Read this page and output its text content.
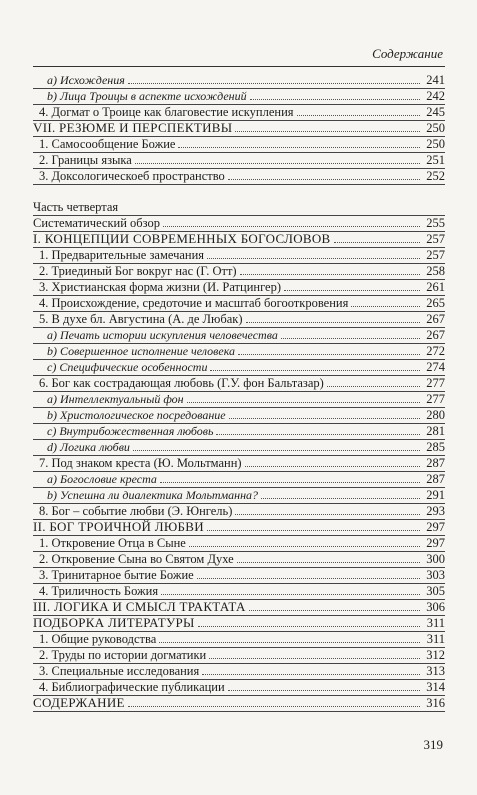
Содержание
a) Исхождения	241
b) Лица Троицы в аспекте исхождений	242
4. Догмат о Троице как благовестие искупления	245
VII. РЕЗЮМЕ И ПЕРСПЕКТИВЫ	250
1. Самосообщение Божие	250
2. Границы языка	251
3. Доксологическоеб пространство	252
Часть четвертая
Систематический обзор	255
I. КОНЦЕПЦИИ СОВРЕМЕННЫХ БОГОСЛОВОВ	257
1. Предварительные замечания	257
2. Триединый Бог вокруг нас (Г. Отт)	258
3. Христианская форма жизни (И. Ратцингер)	261
4. Происхождение, средоточие и масштаб богооткровения	265
5. В духе бл. Августина (А. де Любак)	267
a) Печать истории искупления человечества	267
b) Совершенное исполнение человека	272
c) Специфические особенности	274
6. Бог как сострадающая любовь (Г.У. фон Бальтазар)	277
a) Интеллектуальный фон	277
b) Христологическое посредование	280
c) Внутрибожественная любовь	281
d) Логика любви	285
7. Под знаком креста (Ю. Мольтманн)	287
a) Богословие креста	287
b) Успешна ли диалектика Мольтманна?	291
8. Бог – событие любви (Э. Юнгель)	293
II. БОГ ТРОИЧНОЙ ЛЮБВИ	297
1. Откровение Отца в Сыне	297
2. Откровение Сына во Святом Духе	300
3. Тринитарное бытие Божие	303
4. Триличность Божия	305
III. ЛОГИКА И СМЫСЛ ТРАКТАТА	306
ПОДБОРКА ЛИТЕРАТУРЫ	311
1. Общие руководства	311
2. Труды по истории догматики	312
3. Специальные исследования	313
4. Библиографические публикации	314
СОДЕРЖАНИЕ	316
319
